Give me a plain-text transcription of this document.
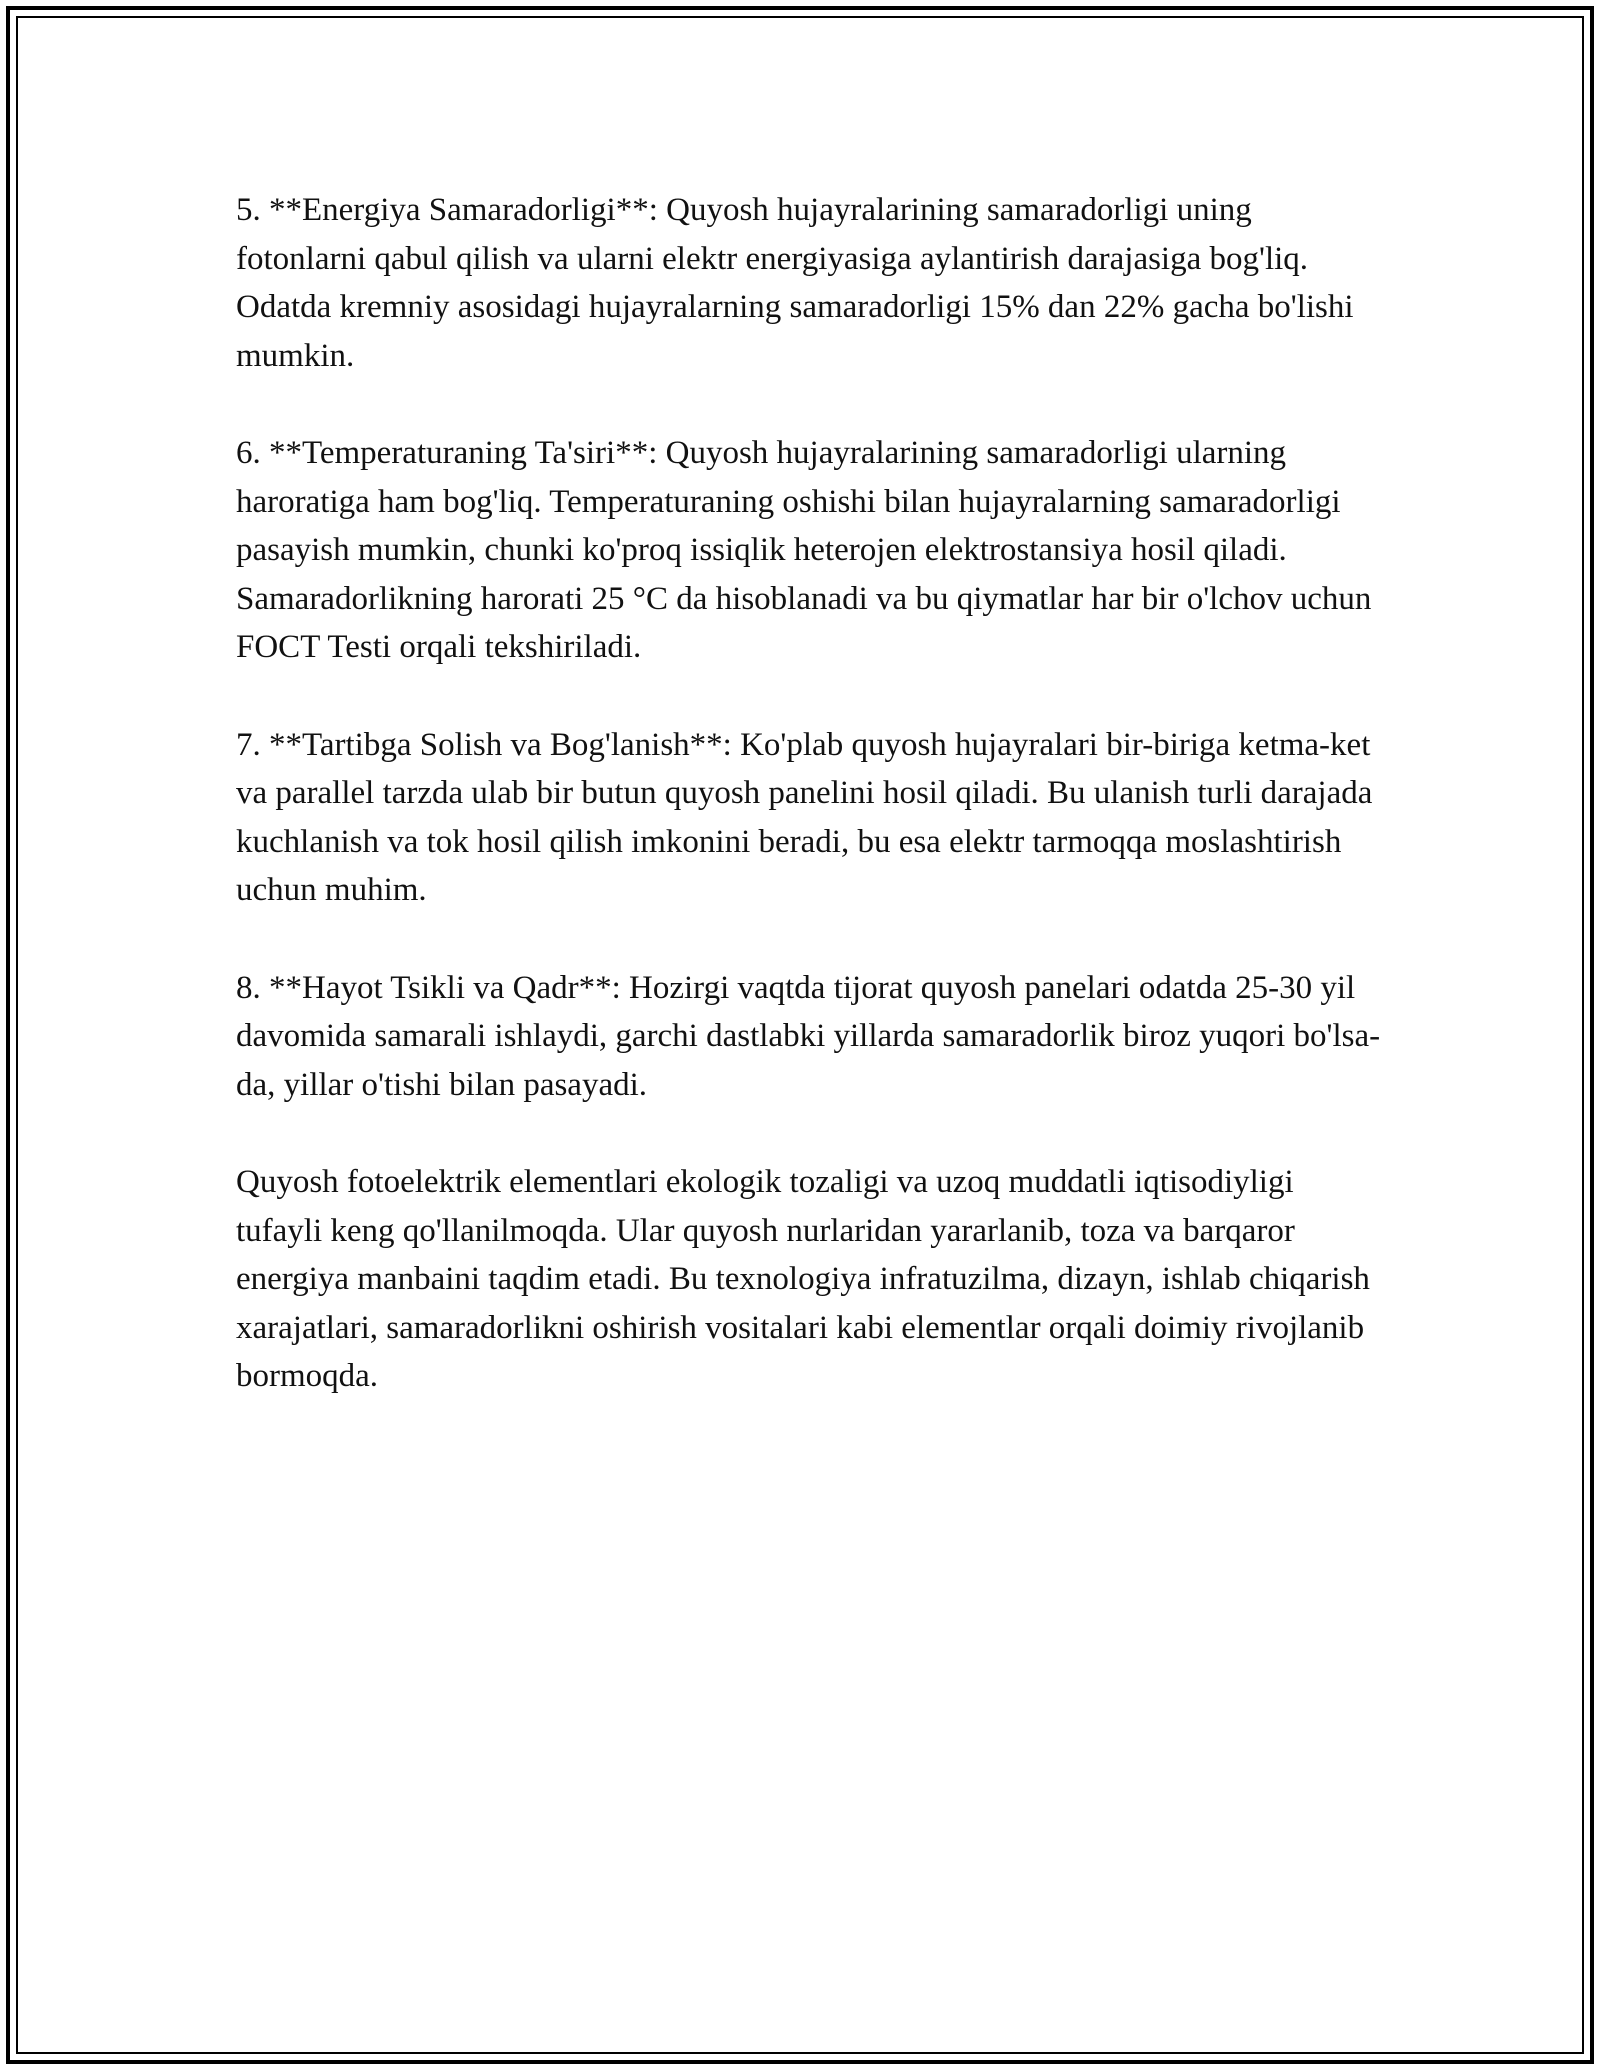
5. **Energiya Samaradorligi**: Quyosh hujayralarining samaradorligi uning fotonlarni qabul qilish va ularni elektr energiyasiga aylantirish darajasiga bog'liq. Odatda kremniy asosidagi hujayralarning samaradorligi 15% dan 22% gacha bo'lishi mumkin.

6. **Temperaturaning Ta'siri**: Quyosh hujayralarining samaradorligi ularning haroratiga ham bog'liq. Temperaturaning oshishi bilan hujayralarning samaradorligi pasayish mumkin, chunki ko'proq issiqlik heterojen elektrostansiya hosil qiladi. Samaradorlikning harorati 25 °C da hisoblanadi va bu qiymatlar har bir o'lchov uchun FOCT Testi orqali tekshiriladi.

7. **Tartibga Solish va Bog'lanish**: Ko'plab quyosh hujayralari bir-biriga ketma-ket va parallel tarzda ulab bir butun quyosh panelini hosil qiladi. Bu ulanish turli darajada kuchlanish va tok hosil qilish imkonini beradi, bu esa elektr tarmoqqa moslashtirish uchun muhim.

8. **Hayot Tsikli va Qadr**: Hozirgi vaqtda tijorat quyosh panelari odatda 25-30 yil davomida samarali ishlaydi, garchi dastlabki yillarda samaradorlik biroz yuqori bo'lsa-da, yillar o'tishi bilan pasayadi.

Quyosh fotoelektrik elementlari ekologik tozaligi va uzoq muddatli iqtisodiyligi tufayli keng qo'llanilmoqda. Ular quyosh nurlaridan yararlanib, toza va barqaror energiya manbaini taqdim etadi. Bu texnologiya infratuzilma, dizayn, ishlab chiqarish xarajatlari, samaradorlikni oshirish vositalari kabi elementlar orqali doimiy rivojlanib bormoqda.
